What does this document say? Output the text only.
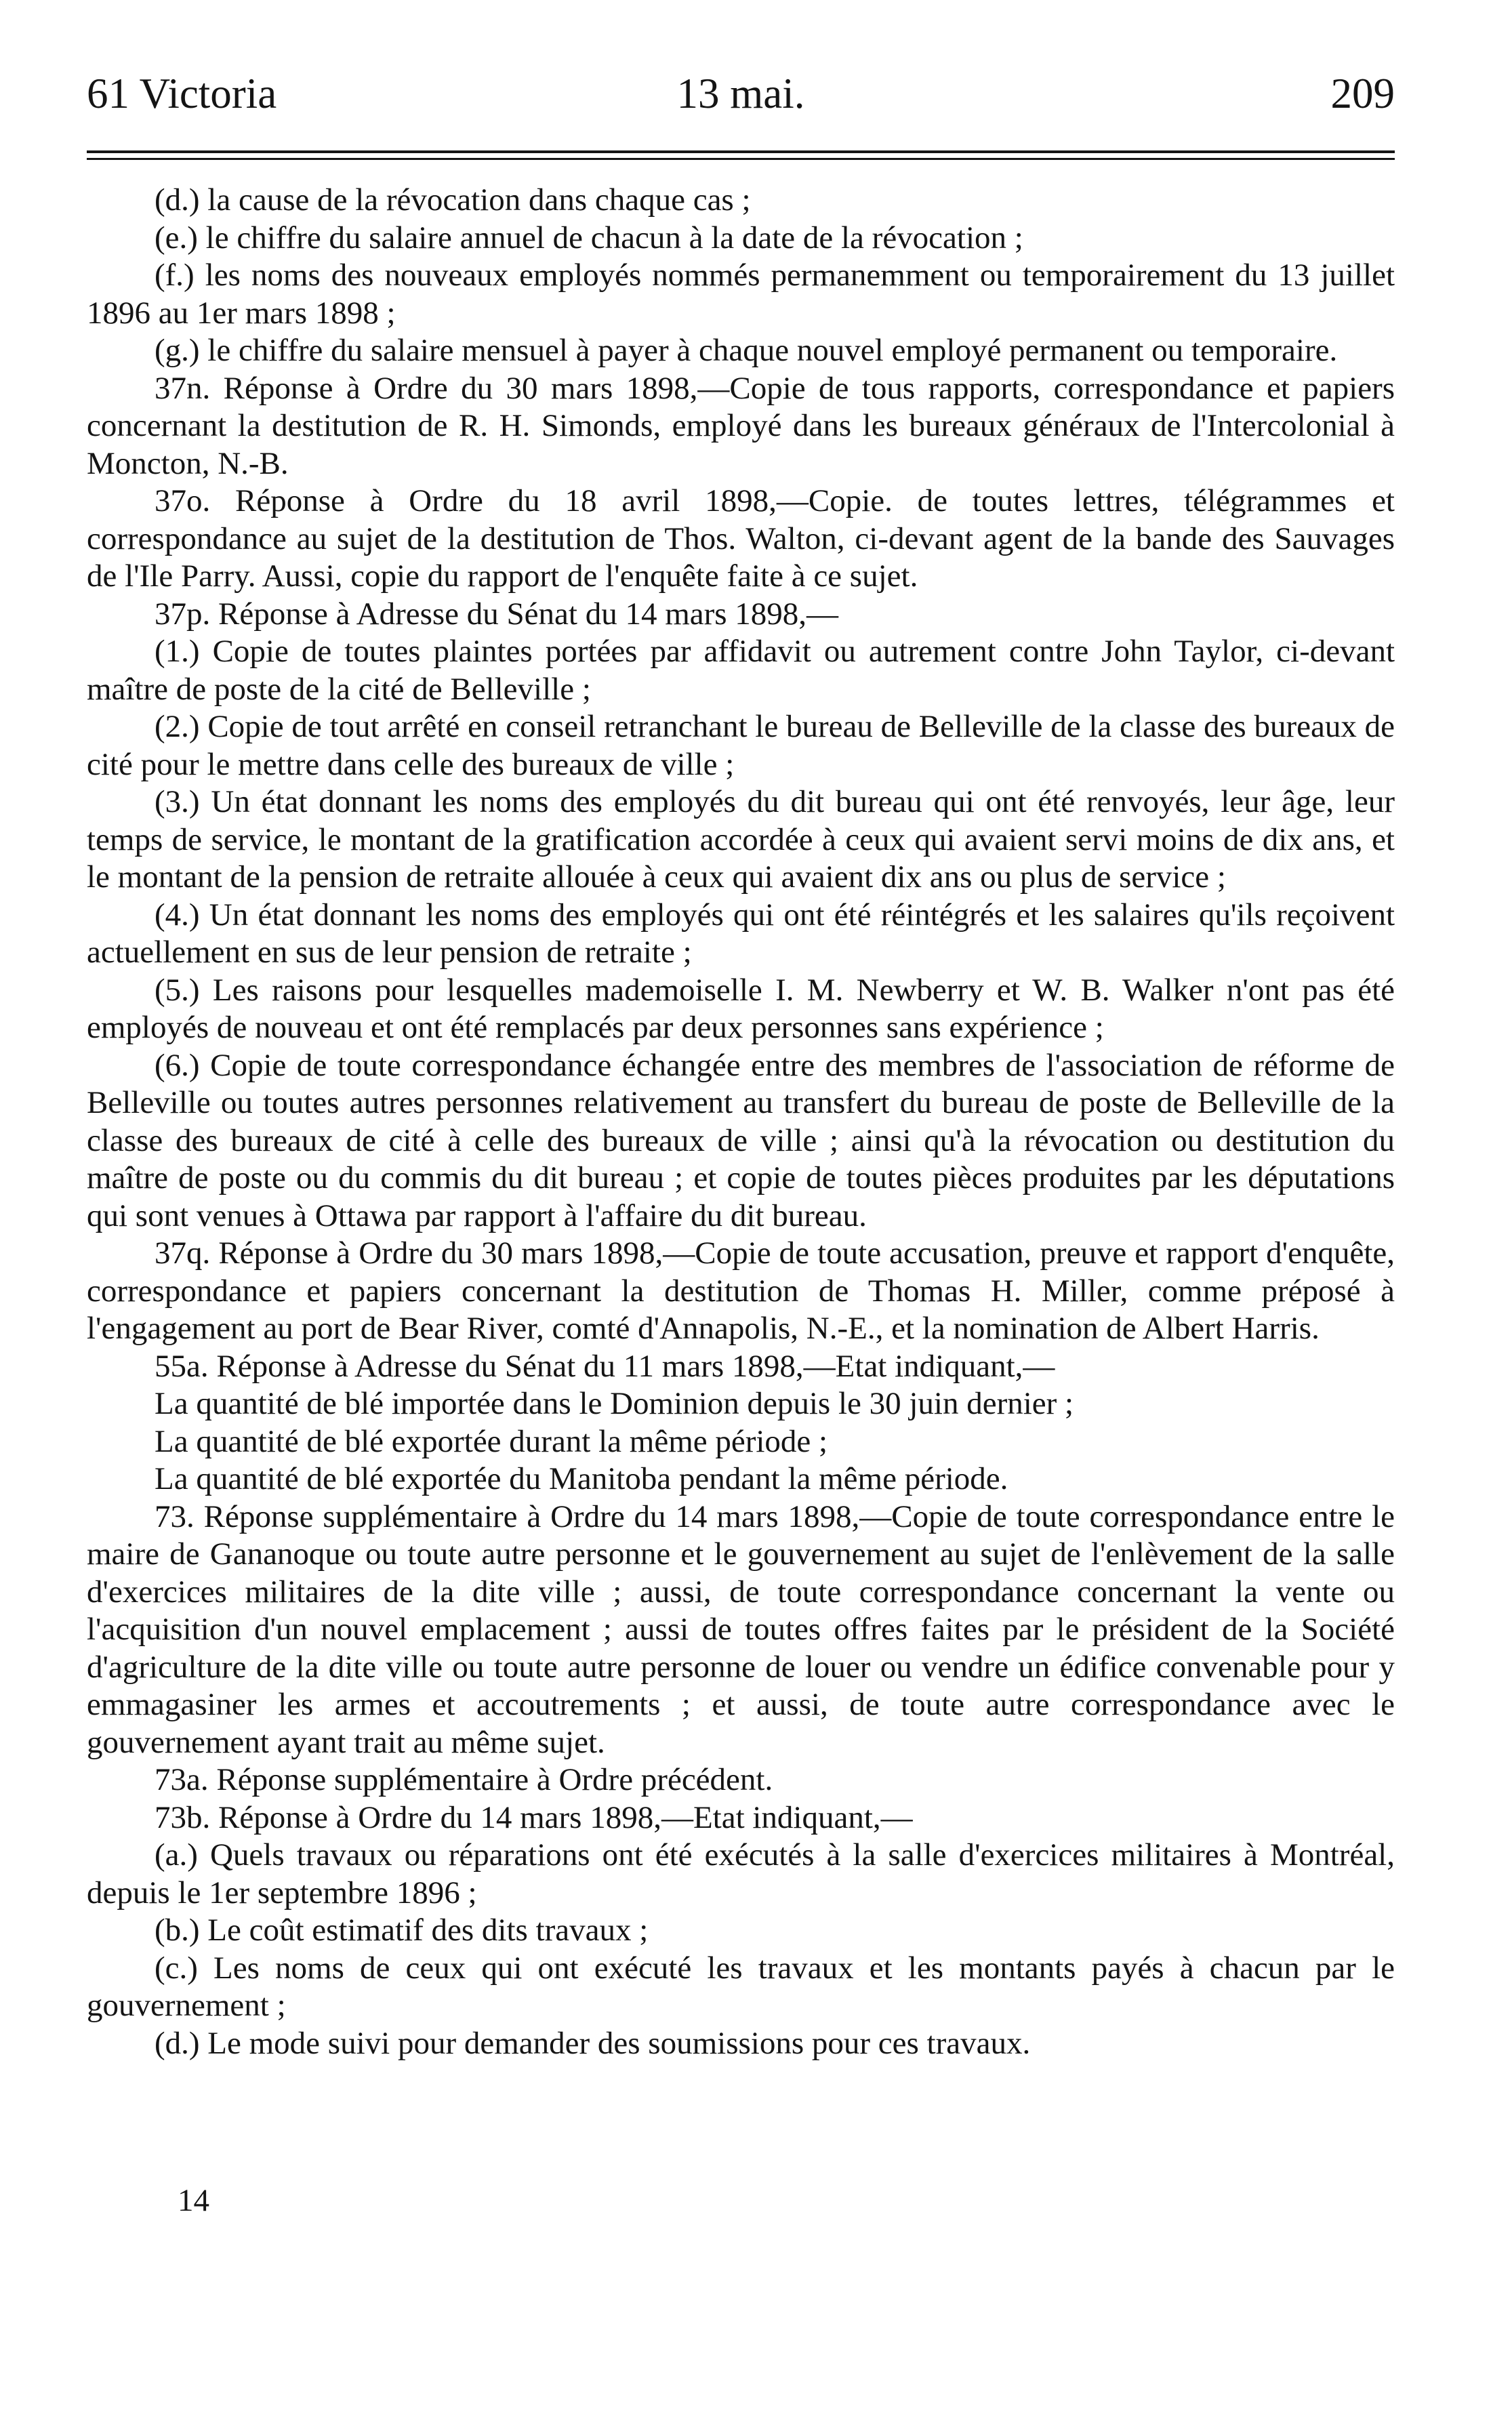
61 Victoria	13 mai.	209

(d.) la cause de la révocation dans chaque cas ;

(e.) le chiffre du salaire annuel de chacun à la date de la révocation ;

(f.) les noms des nouveaux employés nommés permanemment ou temporairement du 13 juillet 1896 au 1er mars 1898 ;

(g.) le chiffre du salaire mensuel à payer à chaque nouvel employé permanent ou temporaire.

37n. Réponse à Ordre du 30 mars 1898,—Copie de tous rapports, correspondance et papiers concernant la destitution de R. H. Simonds, employé dans les bureaux généraux de l'Intercolonial à Moncton, N.-B.

37o. Réponse à Ordre du 18 avril 1898,—Copie. de toutes lettres, télégrammes et correspondance au sujet de la destitution de Thos. Walton, ci-devant agent de la bande des Sauvages de l'Ile Parry. Aussi, copie du rapport de l'enquête faite à ce sujet.

37p. Réponse à Adresse du Sénat du 14 mars 1898,—

(1.) Copie de toutes plaintes portées par affidavit ou autrement contre John Taylor, ci-devant maître de poste de la cité de Belleville ;

(2.) Copie de tout arrêté en conseil retranchant le bureau de Belleville de la classe des bureaux de cité pour le mettre dans celle des bureaux de ville ;

(3.) Un état donnant les noms des employés du dit bureau qui ont été renvoyés, leur âge, leur temps de service, le montant de la gratification accordée à ceux qui avaient servi moins de dix ans, et le montant de la pension de retraite allouée à ceux qui avaient dix ans ou plus de service ;

(4.) Un état donnant les noms des employés qui ont été réintégrés et les salaires qu'ils reçoivent actuellement en sus de leur pension de retraite ;

(5.) Les raisons pour lesquelles mademoiselle I. M. Newberry et W. B. Walker n'ont pas été employés de nouveau et ont été remplacés par deux personnes sans expérience ;

(6.) Copie de toute correspondance échangée entre des membres de l'association de réforme de Belleville ou toutes autres personnes relativement au transfert du bureau de poste de Belleville de la classe des bureaux de cité à celle des bureaux de ville ; ainsi qu'à la révocation ou destitution du maître de poste ou du commis du dit bureau ; et copie de toutes pièces produites par les députations qui sont venues à Ottawa par rapport à l'affaire du dit bureau.

37q. Réponse à Ordre du 30 mars 1898,—Copie de toute accusation, preuve et rapport d'enquête, correspondance et papiers concernant la destitution de Thomas H. Miller, comme préposé à l'engagement au port de Bear River, comté d'Annapolis, N.-E., et la nomination de Albert Harris.

55a. Réponse à Adresse du Sénat du 11 mars 1898,—Etat indiquant,—

La quantité de blé importée dans le Dominion depuis le 30 juin dernier ;

La quantité de blé exportée durant la même période ;

La quantité de blé exportée du Manitoba pendant la même période.

73. Réponse supplémentaire à Ordre du 14 mars 1898,—Copie de toute correspondance entre le maire de Gananoque ou toute autre personne et le gouvernement au sujet de l'enlèvement de la salle d'exercices militaires de la dite ville ; aussi, de toute correspondance concernant la vente ou l'acquisition d'un nouvel emplacement ; aussi de toutes offres faites par le président de la Société d'agriculture de la dite ville ou toute autre personne de louer ou vendre un édifice convenable pour y emmagasiner les armes et accoutrements ; et aussi, de toute autre correspondance avec le gouvernement ayant trait au même sujet.

73a. Réponse supplémentaire à Ordre précédent.

73b. Réponse à Ordre du 14 mars 1898,—Etat indiquant,—

(a.) Quels travaux ou réparations ont été exécutés à la salle d'exercices militaires à Montréal, depuis le 1er septembre 1896 ;

(b.) Le coût estimatif des dits travaux ;

(c.) Les noms de ceux qui ont exécuté les travaux et les montants payés à chacun par le gouvernement ;

(d.) Le mode suivi pour demander des soumissions pour ces travaux.

14
